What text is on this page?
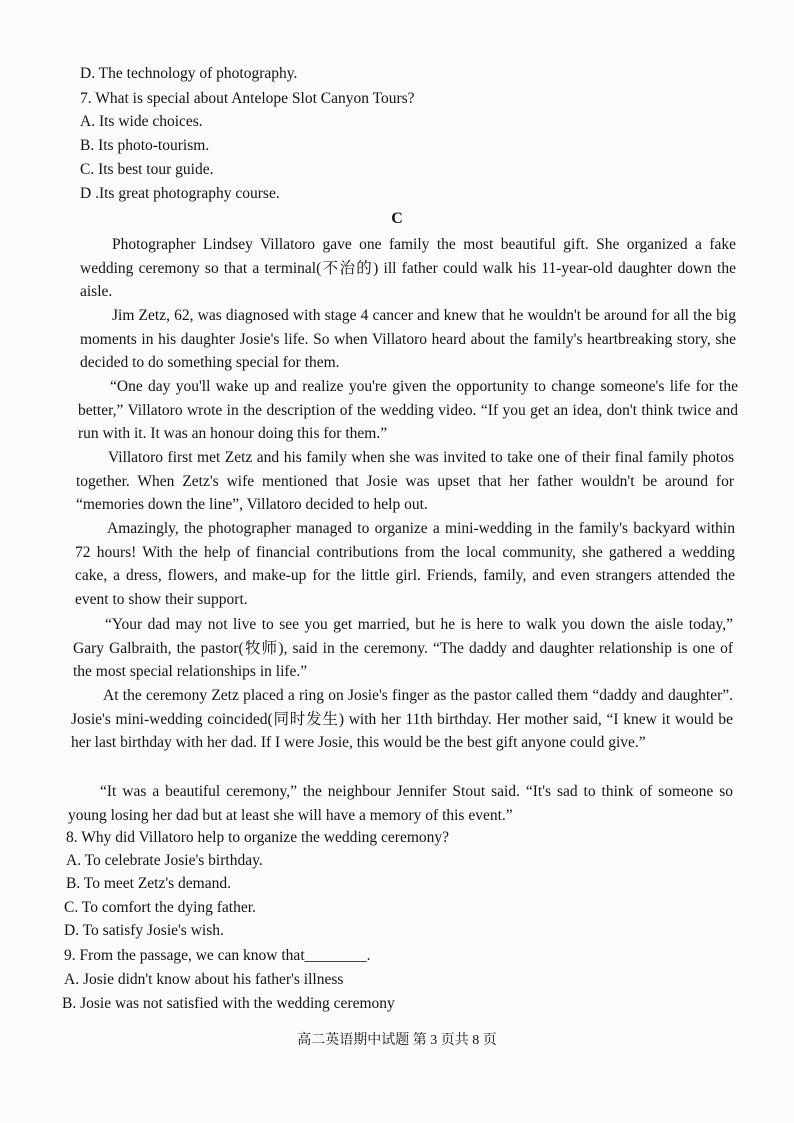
D. The technology of photography.
7. What is special about Antelope Slot Canyon Tours?
A. Its wide choices.
B. Its photo-tourism.
C. Its best tour guide.
D .Its great photography course.
C
Photographer Lindsey Villatoro gave one family the most beautiful gift. She organized a fake wedding ceremony so that a terminal(不治的) ill father could walk his 11-year-old daughter down the aisle.
Jim Zetz, 62, was diagnosed with stage 4 cancer and knew that he wouldn't be around for all the big moments in his daughter Josie's life. So when Villatoro heard about the family's heartbreaking story, she decided to do something special for them.
“One day you'll wake up and realize you're given the opportunity to change someone's life for the better,” Villatoro wrote in the description of the wedding video. “If you get an idea, don't think twice and run with it. It was an honour doing this for them.”
Villatoro first met Zetz and his family when she was invited to take one of their final family photos together. When Zetz's wife mentioned that Josie was upset that her father wouldn't be around for “memories down the line”, Villatoro decided to help out.
Amazingly, the photographer managed to organize a mini-wedding in the family's backyard within 72 hours! With the help of financial contributions from the local community, she gathered a wedding cake, a dress, flowers, and make-up for the little girl. Friends, family, and even strangers attended the event to show their support.
“Your dad may not live to see you get married, but he is here to walk you down the aisle today,” Gary Galbraith, the pastor(牧师), said in the ceremony. “The daddy and daughter relationship is one of the most special relationships in life.”
At the ceremony Zetz placed a ring on Josie's finger as the pastor called them “daddy and daughter”. Josie's mini-wedding coincided(同时发生) with her 11th birthday. Her mother said, “I knew it would be her last birthday with her dad. If I were Josie, this would be the best gift anyone could give.”
“It was a beautiful ceremony,” the neighbour Jennifer Stout said. “It's sad to think of someone so young losing her dad but at least she will have a memory of this event.”
8. Why did Villatoro help to organize the wedding ceremony?
A. To celebrate Josie's birthday.
B. To meet Zetz's demand.
C. To comfort the dying father.
D. To satisfy Josie's wish.
9. From the passage, we can know that________.
A. Josie didn't know about his father's illness
B. Josie was not satisfied with the wedding ceremony
高二英语期中试题 第 3 页共 8 页
